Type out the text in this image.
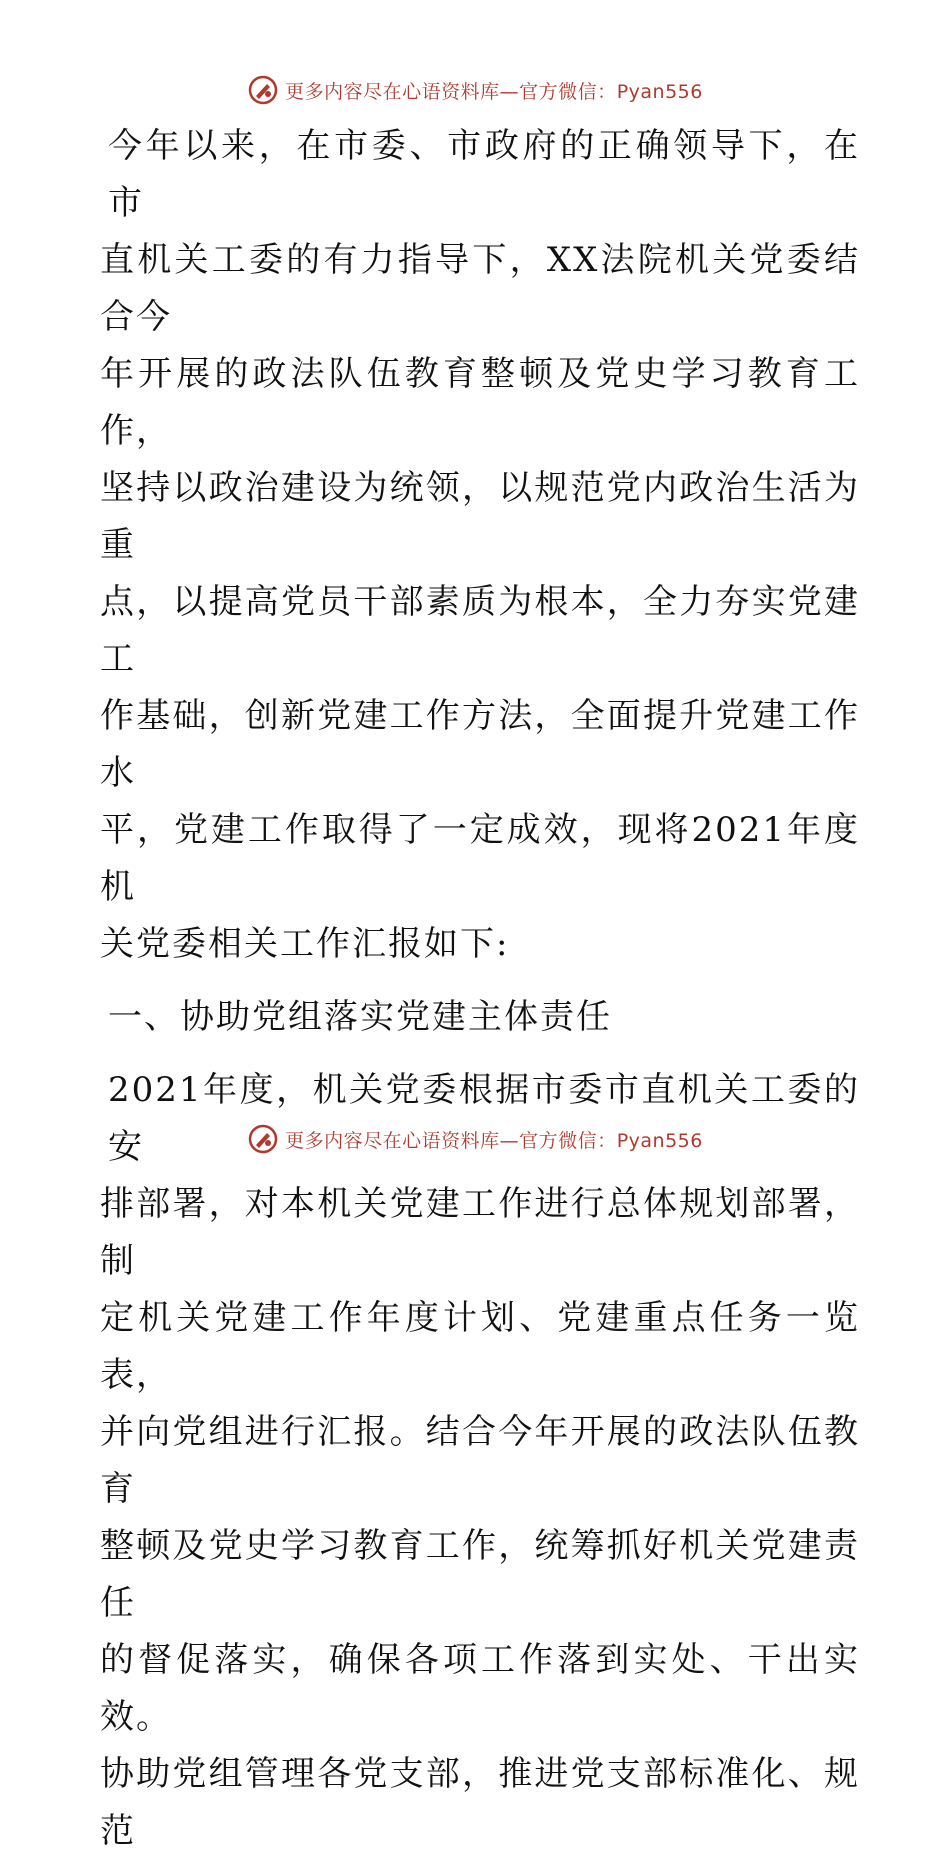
更多内容尽在心语资料库—官方微信：Pyan556
今年以来，在市委、市政府的正确领导下，在市
直机关工委的有力指导下，XX法院机关党委结合今
年开展的政法队伍教育整顿及党史学习教育工作，
坚持以政治建设为统领，以规范党内政治生活为重
点，以提高党员干部素质为根本，全力夯实党建工
作基础，创新党建工作方法，全面提升党建工作水
平，党建工作取得了一定成效，现将2021年度机
关党委相关工作汇报如下:
一、协助党组落实党建主体责任
2021年度，机关党委根据市委市直机关工委的安
排部署，对本机关党建工作进行总体规划部署，制
定机关党建工作年度计划、党建重点任务一览表，
并向党组进行汇报。结合今年开展的政法队伍教育
整顿及党史学习教育工作，统筹抓好机关党建责任
的督促落实，确保各项工作落到实处、干出实效。
协助党组管理各党支部，推进党支部标准化、规范
更多内容尽在心语资料库—官方微信：Pyan556
